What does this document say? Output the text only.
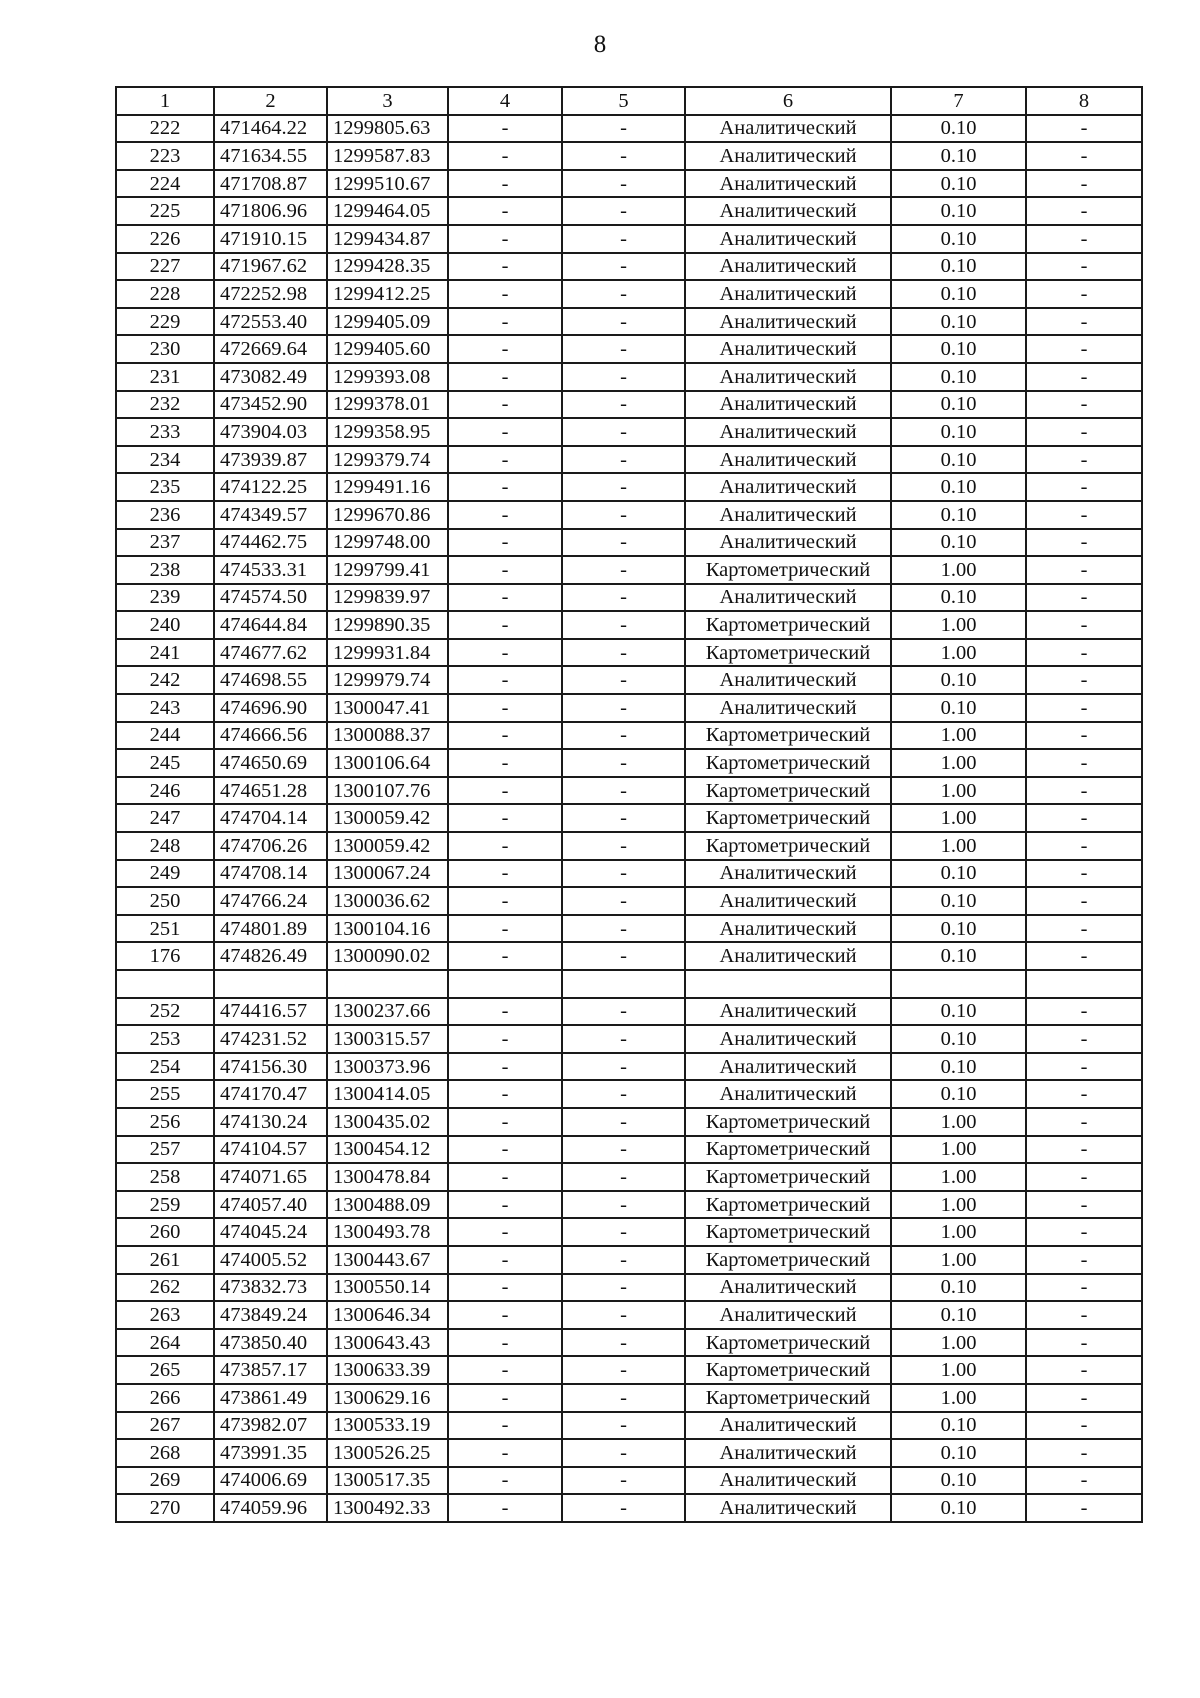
8
1	2	3	4	5	6	7	8
222	471464.22	1299805.63	-	-	Аналитический	0.10	-
223	471634.55	1299587.83	-	-	Аналитический	0.10	-
224	471708.87	1299510.67	-	-	Аналитический	0.10	-
225	471806.96	1299464.05	-	-	Аналитический	0.10	-
226	471910.15	1299434.87	-	-	Аналитический	0.10	-
227	471967.62	1299428.35	-	-	Аналитический	0.10	-
228	472252.98	1299412.25	-	-	Аналитический	0.10	-
229	472553.40	1299405.09	-	-	Аналитический	0.10	-
230	472669.64	1299405.60	-	-	Аналитический	0.10	-
231	473082.49	1299393.08	-	-	Аналитический	0.10	-
232	473452.90	1299378.01	-	-	Аналитический	0.10	-
233	473904.03	1299358.95	-	-	Аналитический	0.10	-
234	473939.87	1299379.74	-	-	Аналитический	0.10	-
235	474122.25	1299491.16	-	-	Аналитический	0.10	-
236	474349.57	1299670.86	-	-	Аналитический	0.10	-
237	474462.75	1299748.00	-	-	Аналитический	0.10	-
238	474533.31	1299799.41	-	-	Картометрический	1.00	-
239	474574.50	1299839.97	-	-	Аналитический	0.10	-
240	474644.84	1299890.35	-	-	Картометрический	1.00	-
241	474677.62	1299931.84	-	-	Картометрический	1.00	-
242	474698.55	1299979.74	-	-	Аналитический	0.10	-
243	474696.90	1300047.41	-	-	Аналитический	0.10	-
244	474666.56	1300088.37	-	-	Картометрический	1.00	-
245	474650.69	1300106.64	-	-	Картометрический	1.00	-
246	474651.28	1300107.76	-	-	Картометрический	1.00	-
247	474704.14	1300059.42	-	-	Картометрический	1.00	-
248	474706.26	1300059.42	-	-	Картометрический	1.00	-
249	474708.14	1300067.24	-	-	Аналитический	0.10	-
250	474766.24	1300036.62	-	-	Аналитический	0.10	-
251	474801.89	1300104.16	-	-	Аналитический	0.10	-
176	474826.49	1300090.02	-	-	Аналитический	0.10	-

252	474416.57	1300237.66	-	-	Аналитический	0.10	-
253	474231.52	1300315.57	-	-	Аналитический	0.10	-
254	474156.30	1300373.96	-	-	Аналитический	0.10	-
255	474170.47	1300414.05	-	-	Аналитический	0.10	-
256	474130.24	1300435.02	-	-	Картометрический	1.00	-
257	474104.57	1300454.12	-	-	Картометрический	1.00	-
258	474071.65	1300478.84	-	-	Картометрический	1.00	-
259	474057.40	1300488.09	-	-	Картометрический	1.00	-
260	474045.24	1300493.78	-	-	Картометрический	1.00	-
261	474005.52	1300443.67	-	-	Картометрический	1.00	-
262	473832.73	1300550.14	-	-	Аналитический	0.10	-
263	473849.24	1300646.34	-	-	Аналитический	0.10	-
264	473850.40	1300643.43	-	-	Картометрический	1.00	-
265	473857.17	1300633.39	-	-	Картометрический	1.00	-
266	473861.49	1300629.16	-	-	Картометрический	1.00	-
267	473982.07	1300533.19	-	-	Аналитический	0.10	-
268	473991.35	1300526.25	-	-	Аналитический	0.10	-
269	474006.69	1300517.35	-	-	Аналитический	0.10	-
270	474059.96	1300492.33	-	-	Аналитический	0.10	-
